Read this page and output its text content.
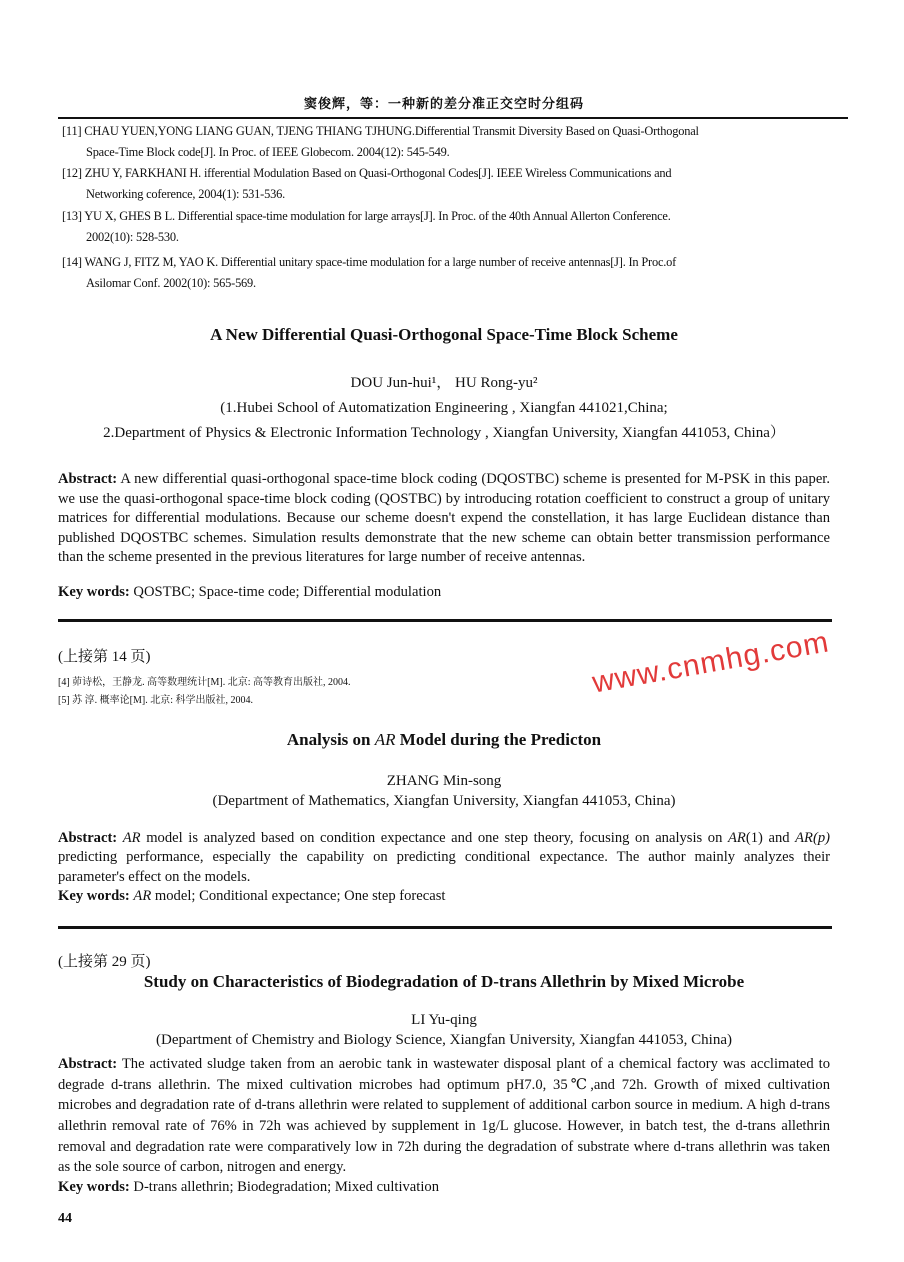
窦俊辉，等：一种新的差分准正交空时分组码
[11] CHAU YUEN,YONG LIANG GUAN, TJENG THIANG TJHUNG.Differential Transmit Diversity Based on Quasi-Orthogonal
Space-Time Block code[J]. In Proc. of IEEE Globecom. 2004(12): 545-549.
[12] ZHU Y, FARKHANI H. ifferential Modulation Based on Quasi-Orthogonal Codes[J]. IEEE Wireless Communications and
Networking coference, 2004(1): 531-536.
[13] YU X, GHES B L. Differential space-time modulation for large arrays[J]. In Proc. of the 40th Annual Allerton Conference.
2002(10): 528-530.
[14] WANG J, FITZ M, YAO K. Differential unitary space-time modulation for a large number of receive antennas[J]. In Proc.of
Asilomar Conf. 2002(10): 565-569.
A New Differential Quasi-Orthogonal Space-Time Block Scheme
DOU Jun-hui¹， HU Rong-yu²
(1.Hubei School of Automatization Engineering , Xiangfan 441021,China;
2.Department of Physics & Electronic Information Technology , Xiangfan University, Xiangfan 441053, China）
Abstract: A new differential quasi-orthogonal space-time block coding (DQOSTBC) scheme is presented for M-PSK in this paper. we use the quasi-orthogonal space-time block coding (QOSTBC) by introducing rotation coefficient to construct a group of unitary matrices for differential modulations. Because our scheme doesn't expend the constellation, it has large Euclidean distance than published DQOSTBC schemes. Simulation results demonstrate that the new scheme can obtain better transmission performance than the scheme presented in the previous literatures for large number of receive antennas.
Key words: QOSTBC; Space-time code; Differential modulation
(上接第 14 页)
[4] 茆诗松，王静龙. 高等数理统计[M]. 北京: 高等教育出版社, 2004.
[5] 苏 淳. 概率论[M]. 北京: 科学出版社, 2004.
Analysis on AR Model during the Predicton
ZHANG Min-song
(Department of Mathematics, Xiangfan University, Xiangfan 441053, China)
Abstract: AR model is analyzed based on condition expectance and one step theory, focusing on analysis on AR(1) and AR(p) predicting performance, especially the capability on predicting conditional expectance. The author mainly analyzes their parameter's effect on the models.
Key words: AR model; Conditional expectance; One step forecast
(上接第 29 页)
Study on Characteristics of Biodegradation of D-trans Allethrin by Mixed Microbe
LI Yu-qing
(Department of Chemistry and Biology Science, Xiangfan University, Xiangfan 441053, China)
Abstract: The activated sludge taken from an aerobic tank in wastewater disposal plant of a chemical factory was acclimated to degrade d-trans allethrin. The mixed cultivation microbes had optimum pH7.0, 35℃,and 72h. Growth of mixed cultivation microbes and degradation rate of d-trans allethrin were related to supplement of additional carbon source in medium. A high d-trans allethrin removal rate of 76% in 72h was achieved by supplement in 1g/L glucose. However, in batch test, the d-trans allethrin removal and degradation rate were comparatively low in 72h during the degradation of substrate where d-trans allethrin was taken as the sole source of carbon, nitrogen and energy.
Key words: D-trans allethrin; Biodegradation; Mixed cultivation
44
www.cnmhg.com
